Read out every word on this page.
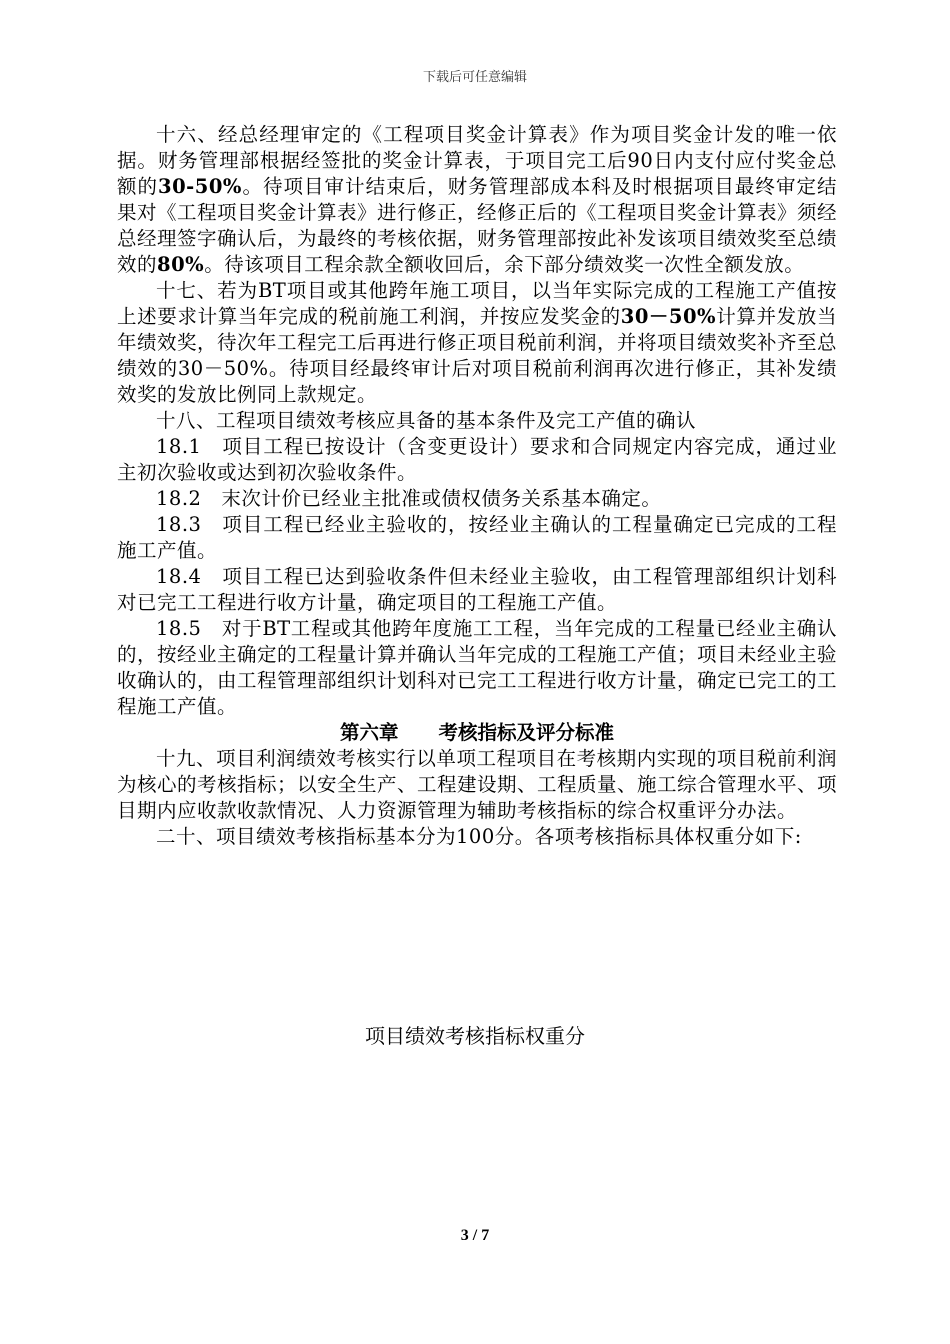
下载后可任意编辑

十六、经总经理审定的《工程项目奖金计算表》作为项目奖金计发的唯一依据。财务管理部根据经签批的奖金计算表，于项目完工后90日内支付应付奖金总额的30-50%。待项目审计结束后，财务管理部成本科及时根据项目最终审定结果对《工程项目奖金计算表》进行修正，经修正后的《工程项目奖金计算表》须经总经理签字确认后，为最终的考核依据，财务管理部按此补发该项目绩效奖至总绩效的80%。待该项目工程余款全额收回后，余下部分绩效奖一次性全额发放。

十七、若为BT项目或其他跨年施工项目，以当年实际完成的工程施工产值按上述要求计算当年完成的税前施工利润，并按应发奖金的30－50%计算并发放当年绩效奖，待次年工程完工后再进行修正项目税前利润，并将项目绩效奖补齐至总绩效的30－50%。待项目经最终审计后对项目税前利润再次进行修正，其补发绩效奖的发放比例同上款规定。

十八、工程项目绩效考核应具备的基本条件及完工产值的确认

18.1　项目工程已按设计（含变更设计）要求和合同规定内容完成，通过业主初次验收或达到初次验收条件。

18.2　末次计价已经业主批准或债权债务关系基本确定。

18.3　项目工程已经业主验收的，按经业主确认的工程量确定已完成的工程施工产值。

18.4　项目工程已达到验收条件但未经业主验收，由工程管理部组织计划科对已完工工程进行收方计量，确定项目的工程施工产值。

18.5　对于BT工程或其他跨年度施工工程，当年完成的工程量已经业主确认的，按经业主确定的工程量计算并确认当年完成的工程施工产值；项目未经业主验收确认的，由工程管理部组织计划科对已完工工程进行收方计量，确定已完工的工程施工产值。

第六章 考核指标及评分标准

十九、项目利润绩效考核实行以单项工程项目在考核期内实现的项目税前利润为核心的考核指标；以安全生产、工程建设期、工程质量、施工综合管理水平、项目期内应收款收款情况、人力资源管理为辅助考核指标的综合权重评分办法。

二十、项目绩效考核指标基本分为100分。各项考核指标具体权重分如下:

项目绩效考核指标权重分
3 / 7
